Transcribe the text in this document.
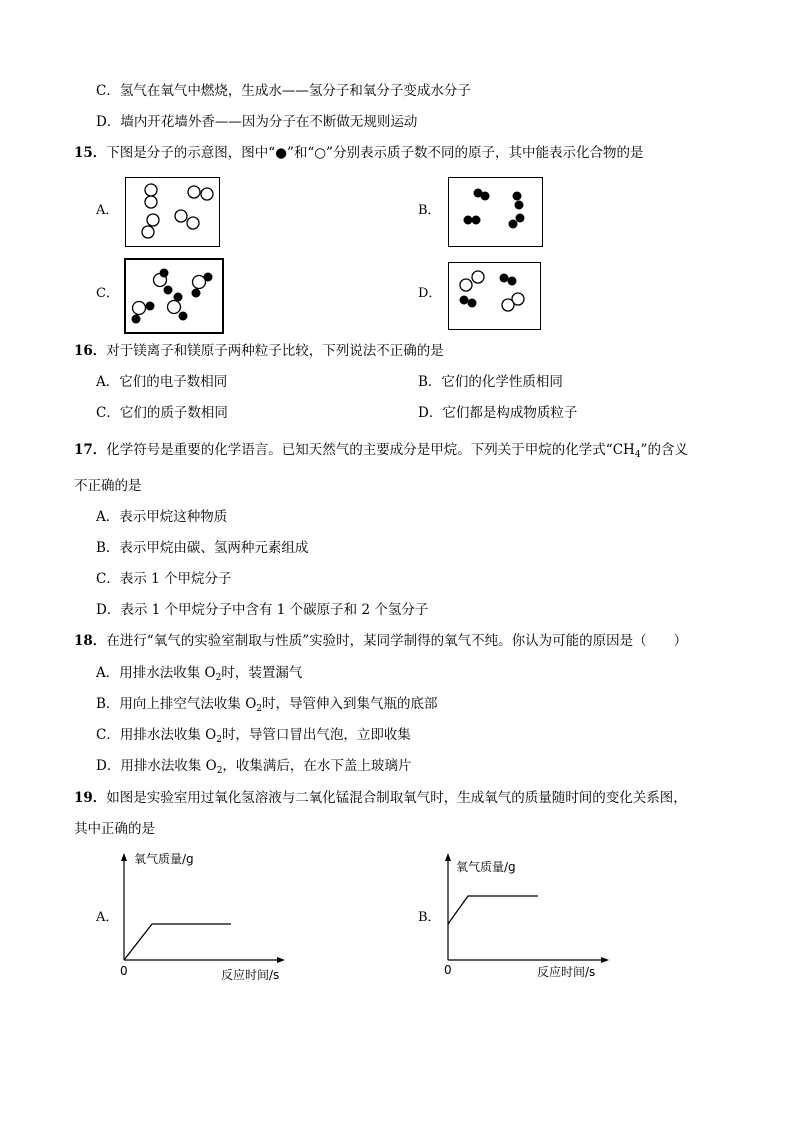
C．氢气在氧气中燃烧，生成水——氢分子和氧分子变成水分子
D．墙内开花墙外香——因为分子在不断做无规则运动
15．下图是分子的示意图，图中“●”和“○”分别表示质子数不同的原子，其中能表示化合物的是
A．	B．
C．	D．
16．对于镁离子和镁原子两种粒子比较，下列说法不正确的是
A．它们的电子数相同	B．它们的化学性质相同
C．它们的质子数相同	D．它们都是构成物质粒子
17．化学符号是重要的化学语言。已知天然气的主要成分是甲烷。下列关于甲烷的化学式“$CH_4$”的含义
不正确的是
A．表示甲烷这种物质
B．表示甲烷由碳、氢两种元素组成
C．表示 1 个甲烷分子
D．表示 1 个甲烷分子中含有 1 个碳原子和 2 个氢分子
18．在进行“氧气的实验室制取与性质”实验时，某同学制得的氧气不纯。你认为可能的原因是（　　）
A．用排水法收集 $O_2$时，装置漏气
B．用向上排空气法收集 $O_2$时，导管伸入到集气瓶的底部
C．用排水法收集 $O_2$时，导管口冒出气泡，立即收集
D．用排水法收集 $O_2$，收集满后，在水下盖上玻璃片
19．如图是实验室用过氧化氢溶液与二氧化锰混合制取氧气时，生成氧气的质量随时间的变化关系图，
其中正确的是
A．
氧气质量/g
0	反应时间/s
B．
氧气质量/g
0	反应时间/s
